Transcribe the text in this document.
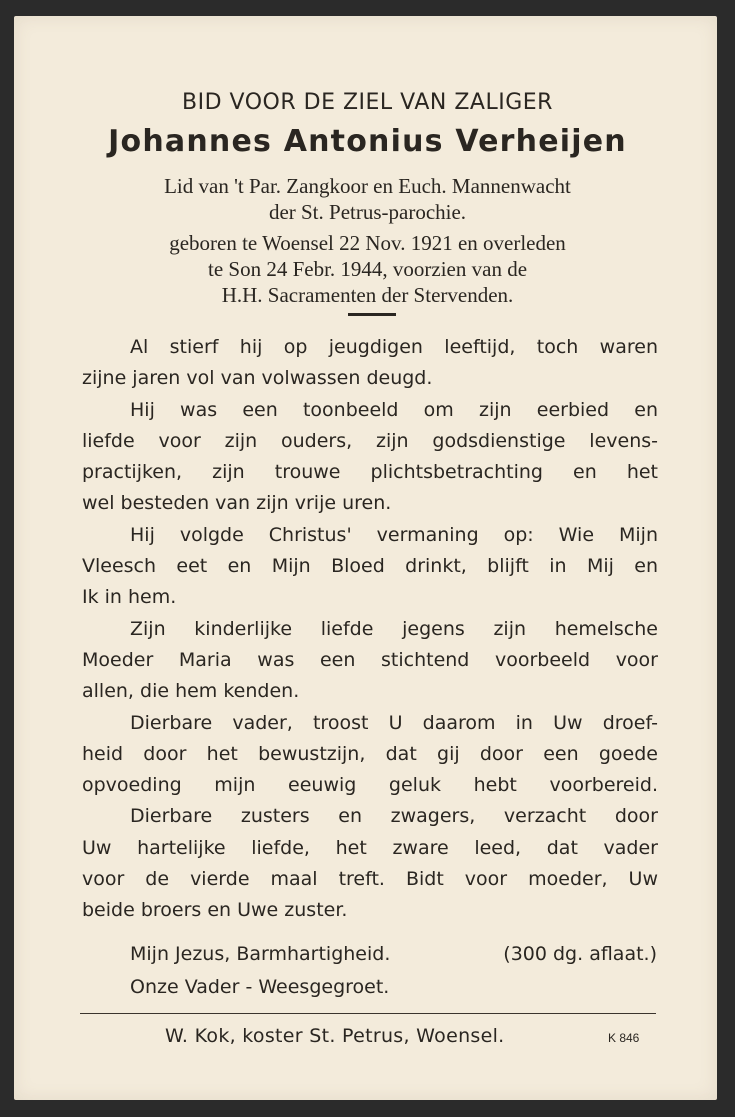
BID VOOR DE ZIEL VAN ZALIGER
Johannes Antonius Verheijen
Lid van 't Par. Zangkoor en Euch. Mannenwacht
der St. Petrus-parochie.
geboren te Woensel 22 Nov. 1921 en overleden
te Son 24 Febr. 1944, voorzien van de
H.H. Sacramenten der Stervenden.

Al stierf hij op jeugdigen leeftijd, toch waren

zijne jaren vol van volwassen deugd.

Hij was een toonbeeld om zijn eerbied en

liefde voor zijn ouders, zijn godsdienstige levens-

practijken, zijn trouwe plichtsbetrachting en het

wel besteden van zijn vrije uren.

Hij volgde Christus' vermaning op: Wie Mijn

Vleesch eet en Mijn Bloed drinkt, blijft in Mij en

Ik in hem.

Zijn kinderlijke liefde jegens zijn hemelsche

Moeder Maria was een stichtend voorbeeld voor

allen, die hem kenden.

Dierbare vader, troost U daarom in Uw droef-

heid door het bewustzijn, dat gij door een goede

opvoeding mijn eeuwig geluk hebt voorbereid.

Dierbare zusters en zwagers, verzacht door

Uw hartelijke liefde, het zware leed, dat vader

voor de vierde maal treft. Bidt voor moeder, Uw

beide broers en Uwe zuster.

Mijn Jezus, Barmhartigheid.	(300 dg. aflaat.)
Onze Vader - Weesgegroet.
W. Kok, koster St. Petrus, Woensel.	K 846
